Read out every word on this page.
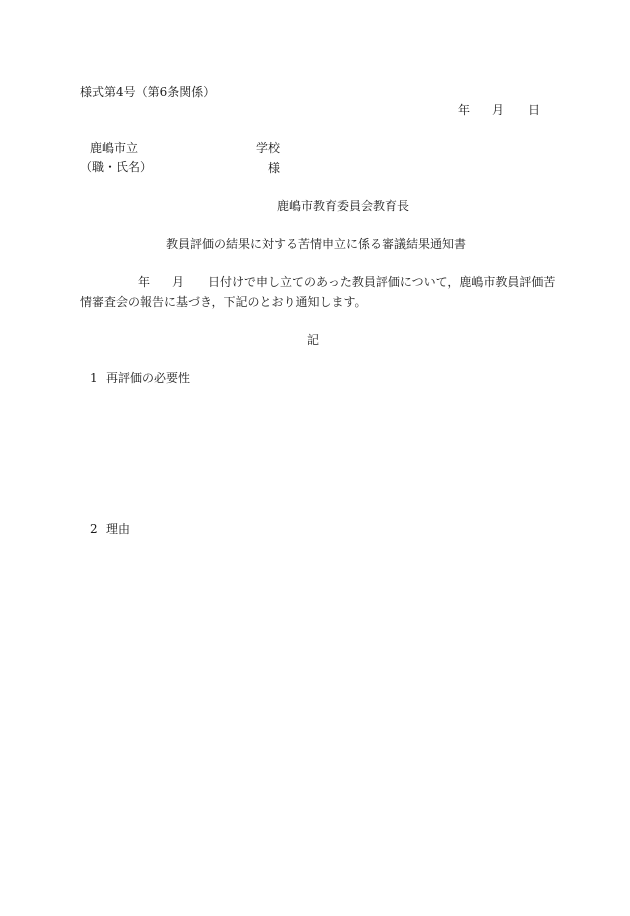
様式第4号（第6条関係）

年 月 日
鹿嶋市立	学校
（職・氏名）	様

鹿嶋市教育委員会教育長

教員評価の結果に対する苦情申立に係る審議結果通知書
年 月 日付けで申し立てのあった教員評価について，鹿嶋市教員評価苦
情審査会の報告に基づき，下記のとおり通知します。

記

1 再評価の必要性
2 理由
